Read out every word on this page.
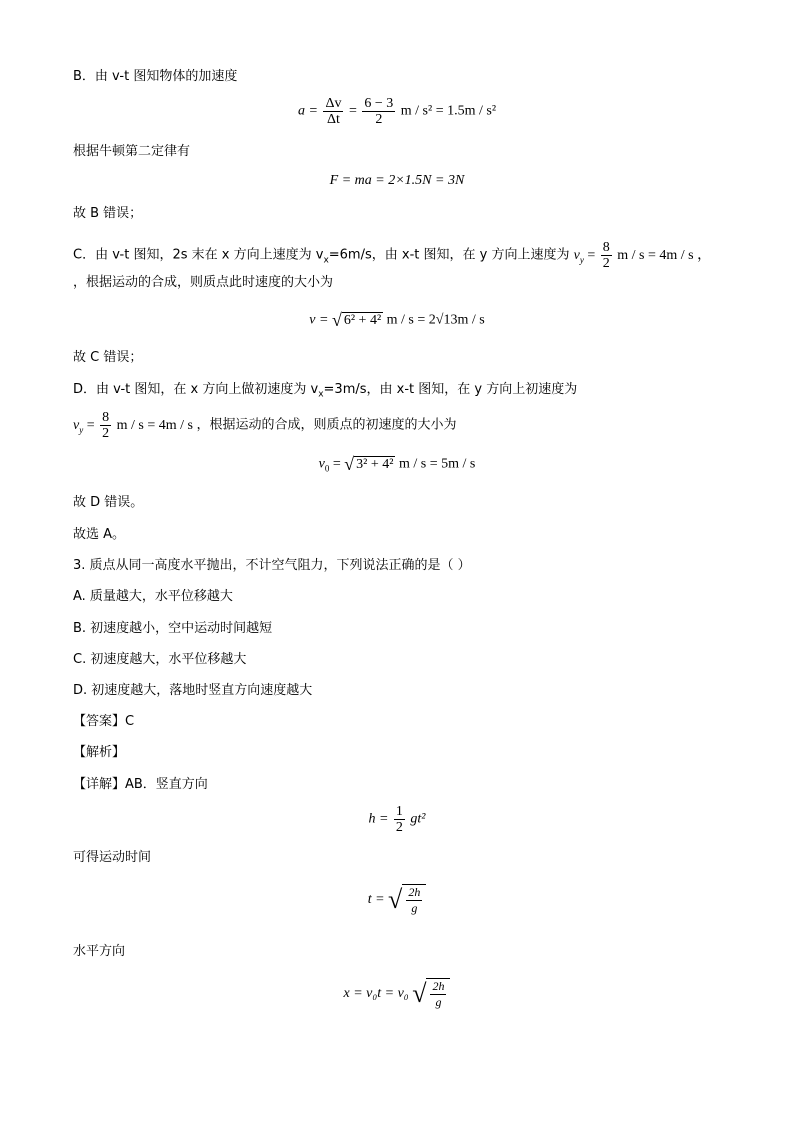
B．由 v-t 图知物体的加速度
$a = \frac{\Delta v}{\Delta t} = \frac{6 - 3}{2}$ m / s² = 1.5m / s²
根据牛顿第二定律有
F = ma = 2×1.5N = 3N
故 B 错误；
C．由 v-t 图知，2s 末在 x 方向上速度为 $v_x=6m/s$，由 x-t 图知，在 y 方向上速度为 $v_y = \frac{8}{2}$ m / s = 4m / s ，
，根据运动的合成，则质点此时速度的大小为
v = √ 6² + 4² m / s = 2√13m / s
故 C 错误；
D．由 v-t 图知，在 x 方向上做初速度为 $v_x=3m/s$，由 x-t 图知，在 y 方向上初速度为
$v_y = \frac{8}{2}$ m / s = 4m / s ，根据运动的合成，则质点的初速度的大小为
$v_0$ = √ 3² + 4² m / s = 5m / s
故 D 错误。
故选 A。
3. 质点从同一高度水平抛出，不计空气阻力，下列说法正确的是（ ）
A. 质量越大，水平位移越大
B. 初速度越小，空中运动时间越短
C. 初速度越大，水平位移越大
D. 初速度越大，落地时竖直方向速度越大
【答案】C
【解析】
【详解】AB．竖直方向
$h = \frac{1}{2} gt^2$
可得运动时间
t = √ $\frac{2h}{g}$
水平方向
x = v₀t = v₀ √ $\frac{2h}{g}$
